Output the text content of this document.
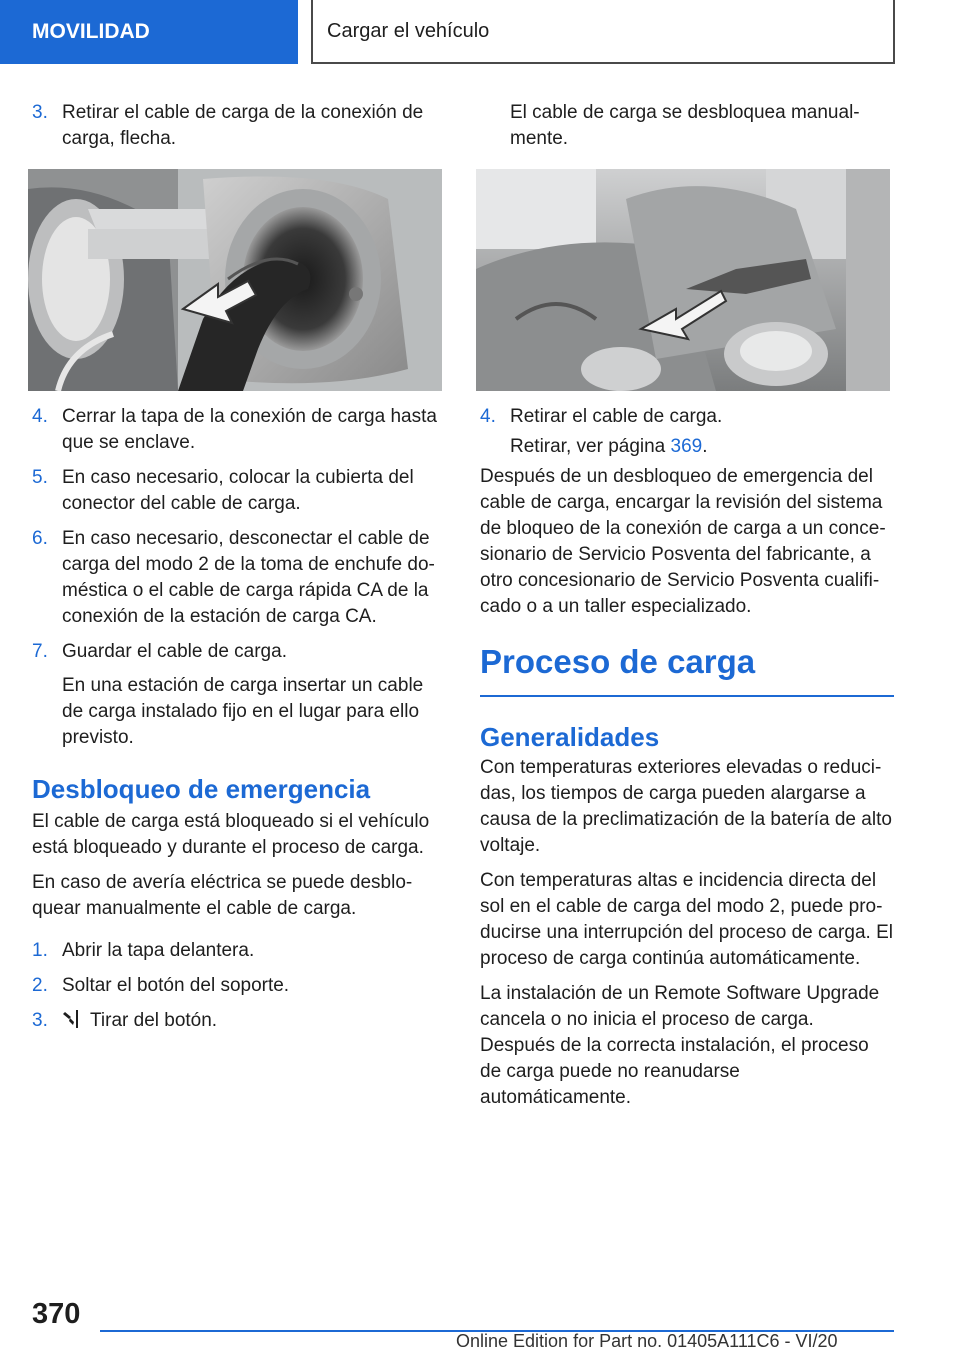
MOVILIDAD	Cargar el vehículo
3. Retirar el cable de carga de la conexión de carga, flecha.
4. Cerrar la tapa de la conexión de carga hasta que se enclave.
5. En caso necesario, colocar la cubierta del conector del cable de carga.
6. En caso necesario, desconectar el cable de carga del modo 2 de la toma de enchufe doméstica o el cable de carga rápida CA de la conexión de la estación de carga CA.
7. Guardar el cable de carga.

En una estación de carga insertar un cable de carga instalado fijo en el lugar para ello previsto.

Desbloqueo de emergencia

El cable de carga está bloqueado si el vehículo está bloqueado y durante el proceso de carga.

En caso de avería eléctrica se puede desbloquear manualmente el cable de carga.

1. Abrir la tapa delantera.
2. Soltar el botón del soporte.
3. Tirar del botón.

El cable de carga se desbloquea manualmente.

4. Retirar el cable de carga.

Retirar, ver página 369.

Después de un desbloqueo de emergencia del cable de carga, encargar la revisión del sistema de bloqueo de la conexión de carga a un concesionario de Servicio Posventa del fabricante, a otro concesionario de Servicio Posventa cualificado o a un taller especializado.

Proceso de carga
Generalidades

Con temperaturas exteriores elevadas o reducidas, los tiempos de carga pueden alargarse a causa de la preclimatización de la batería de alto voltaje.

Con temperaturas altas e incidencia directa del sol en el cable de carga del modo 2, puede producirse una interrupción del proceso de carga. El proceso de carga continúa automáticamente.

La instalación de un Remote Software Upgrade cancela o no inicia el proceso de carga. Después de la correcta instalación, el proceso de carga puede no reanudarse automáticamente.

370
Online Edition for Part no. 01405A111C6 - VI/20
